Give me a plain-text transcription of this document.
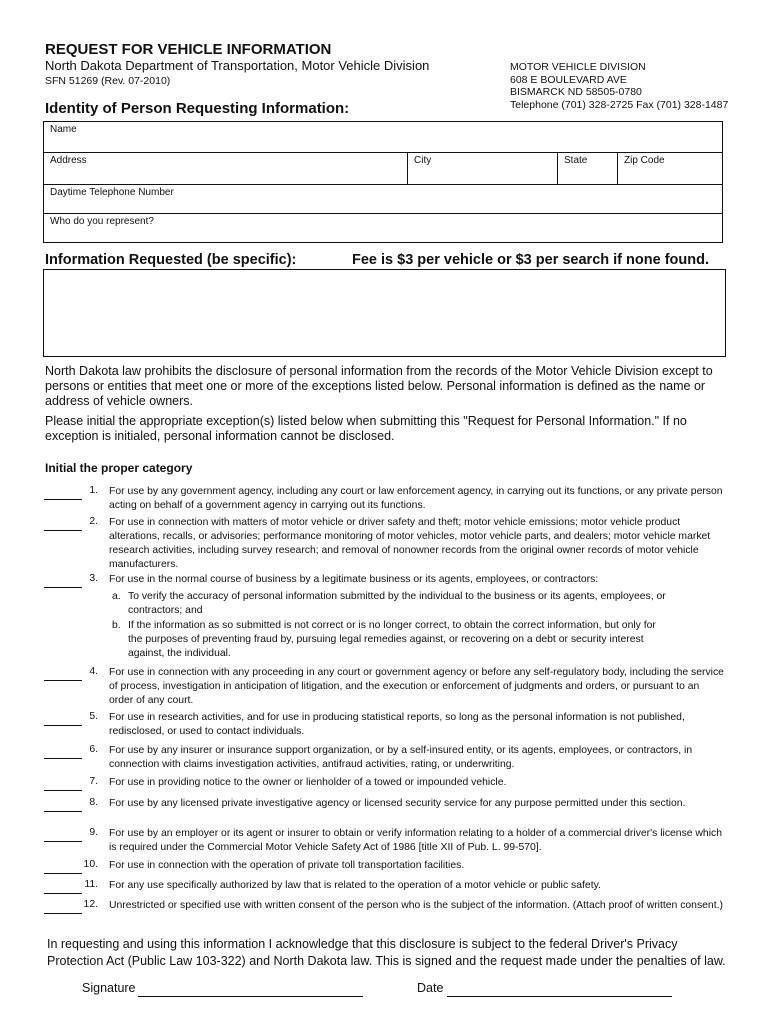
REQUEST FOR VEHICLE INFORMATION
North Dakota Department of Transportation, Motor Vehicle Division
SFN 51269 (Rev. 07-2010)
MOTOR VEHICLE DIVISION
608 E BOULEVARD AVE
BISMARCK ND 58505-0780
Telephone (701) 328-2725 Fax (701) 328-1487
Identity of Person Requesting Information:
Name
Address	City	State	Zip Code
Daytime Telephone Number
Who do you represent?
Information Requested (be specific):	Fee is $3 per vehicle or $3 per search if none found.
North Dakota law prohibits the disclosure of personal information from the records of the Motor Vehicle Division except to persons or entities that meet one or more of the exceptions listed below. Personal information is defined as the name or address of vehicle owners.
Please initial the appropriate exception(s) listed below when submitting this "Request for Personal Information." If no exception is initialed, personal information cannot be disclosed.
Initial the proper category
1. For use by any government agency, including any court or law enforcement agency, in carrying out its functions, or any private person acting on behalf of a government agency in carrying out its functions.
2. For use in connection with matters of motor vehicle or driver safety and theft; motor vehicle emissions; motor vehicle product alterations, recalls, or advisories; performance monitoring of motor vehicles, motor vehicle parts, and dealers; motor vehicle market research activities, including survey research; and removal of nonowner records from the original owner records of motor vehicle manufacturers.
3. For use in the normal course of business by a legitimate business or its agents, employees, or contractors:
4. For use in connection with any proceeding in any court or government agency or before any self-regulatory body, including the service of process, investigation in anticipation of litigation, and the execution or enforcement of judgments and orders, or pursuant to an order of any court.
5. For use in research activities, and for use in producing statistical reports, so long as the personal information is not published, redisclosed, or used to contact individuals.
6. For use by any insurer or insurance support organization, or by a self-insured entity, or its agents, employees, or contractors, in connection with claims investigation activities, antifraud activities, rating, or underwriting.
7. For use in providing notice to the owner or lienholder of a towed or impounded vehicle.
8. For use by any licensed private investigative agency or licensed security service for any purpose permitted under this section.
9. For use by an employer or its agent or insurer to obtain or verify information relating to a holder of a commercial driver's license which is required under the Commercial Motor Vehicle Safety Act of 1986 [title XII of Pub. L. 99-570].
10. For use in connection with the operation of private toll transportation facilities.
11. For any use specifically authorized by law that is related to the operation of a motor vehicle or public safety.
12. Unrestricted or specified use with written consent of the person who is the subject of the information. (Attach proof of written consent.)
a. To verify the accuracy of personal information submitted by the individual to the business or its agents, employees, or contractors; and
b. If the information as so submitted is not correct or is no longer correct, to obtain the correct information, but only for the purposes of preventing fraud by, pursuing legal remedies against, or recovering on a debt or security interest against, the individual.
In requesting and using this information I acknowledge that this disclosure is subject to the federal Driver's Privacy Protection Act (Public Law 103-322) and North Dakota law. This is signed and the request made under the penalties of law.
Signature	Date
